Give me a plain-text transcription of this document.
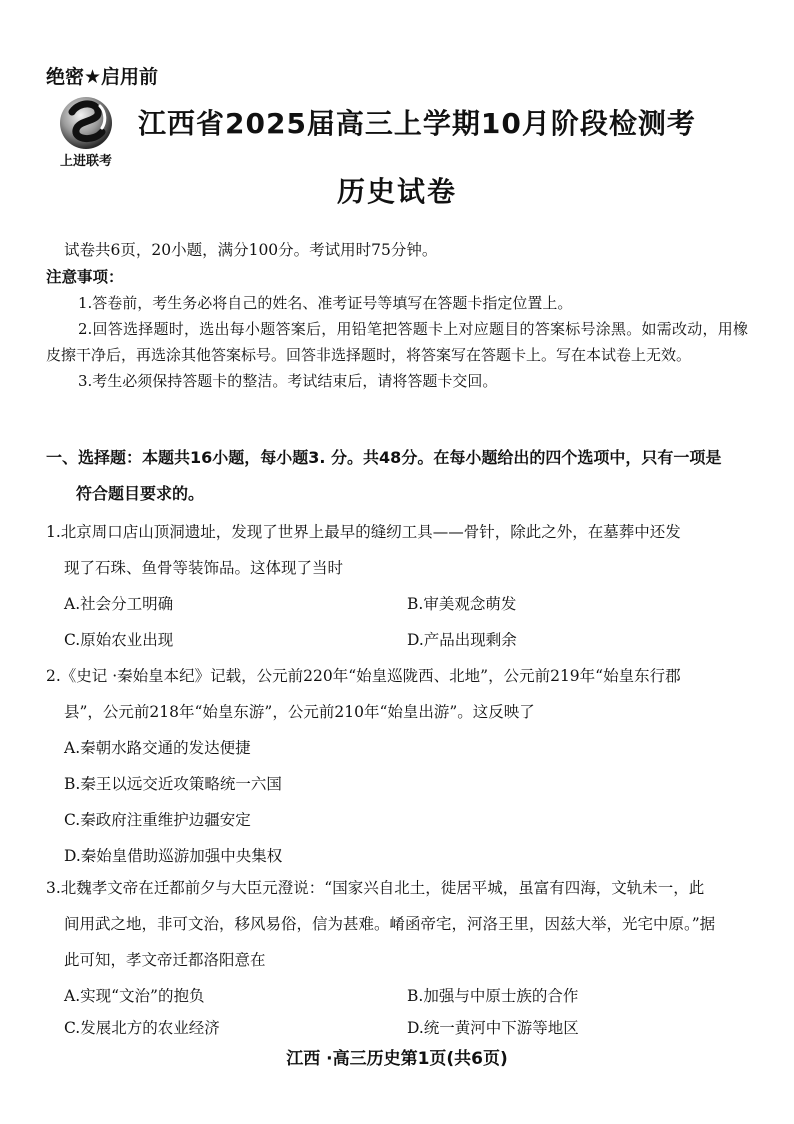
绝密★启用前
上进联考
江西省2025届高三上学期10月阶段检测考
历史试卷
试卷共6页，20小题，满分100分。考试用时75分钟。
注意事项：
1.答卷前，考生务必将自己的姓名、准考证号等填写在答题卡指定位置上。
2.回答选择题时，选出每小题答案后，用铅笔把答题卡上对应题目的答案标号涂黑。如需改动，用橡皮擦干净后，再选涂其他答案标号。回答非选择题时，将答案写在答题卡上。写在本试卷上无效。
3.考生必须保持答题卡的整洁。考试结束后，请将答题卡交回。
一、选择题：本题共16小题，每小题3. 分。共48分。在每小题给出的四个选项中，只有一项是
符合题目要求的。
1.北京周口店山顶洞遗址，发现了世界上最早的缝纫工具——骨针，除此之外，在墓葬中还发
现了石珠、鱼骨等装饰品。这体现了当时
A.社会分工明确	B.审美观念萌发
C.原始农业出现	D.产品出现剩余
2.《史记 ·秦始皇本纪》记载，公元前220年“始皇巡陇西、北地”，公元前219年“始皇东行郡
县”，公元前218年“始皇东游”，公元前210年“始皇出游”。这反映了
A.秦朝水路交通的发达便捷
B.秦王以远交近攻策略统一六国
C.秦政府注重维护边疆安定
D.秦始皇借助巡游加强中央集权
3.北魏孝文帝在迁都前夕与大臣元澄说：“国家兴自北土，徙居平城，虽富有四海，文轨未一，此
间用武之地，非可文治，移风易俗，信为甚难。崤函帝宅，河洛王里，因兹大举，光宅中原。”据
此可知，孝文帝迁都洛阳意在
A.实现“文治”的抱负	B.加强与中原士族的合作
C.发展北方的农业经济	D.统一黄河中下游等地区
江西 ·高三历史第1页(共6页)
